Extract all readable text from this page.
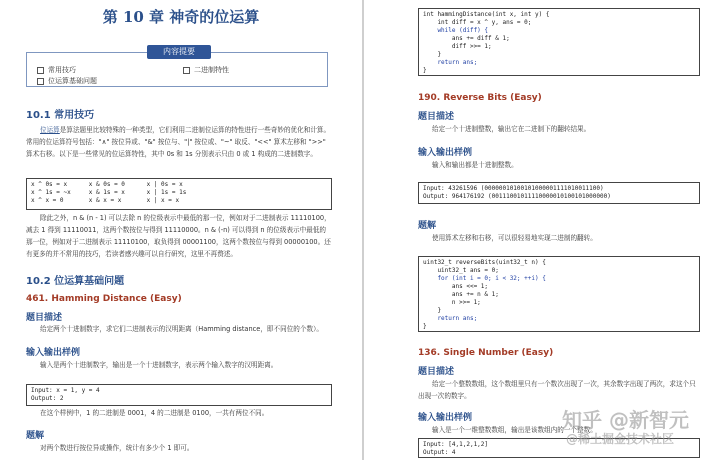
第 10 章 神奇的位运算
内容提要
常用技巧	二进制特性
位运算基础问题
10.1 常用技巧
位运算是算法题里比较特殊的一种类型，它们利用二进制位运算的特性进行一些奇妙的优化和计算。常用的位运算符号包括："∧" 按位异或、"&" 按位与、"|" 按位或、"~" 取反、"<<" 算术左移和 ">>" 算术右移。以下是一些常见的位运算特性，其中 0s 和 1s 分别表示只由 0 或 1 构成的二进制数字。
x ^ 0s = x      x & 0s = 0      x | 0s = x
x ^ 1s = ~x     x & 1s = x      x | 1s = 1s
x ^ x = 0       x & x = x       x | x = x
除此之外，n & (n - 1) 可以去除 n 的位级表示中最低的那一位，例如对于二进制表示 11110100，减去 1 得到 11110011，这两个数按位与得到 11110000。n & (-n) 可以得到 n 的位级表示中最低的那一位，例如对于二进制表示 11110100，取负得到 00001100，这两个数按位与得到 00000100。还有更多的并不常用的技巧，若读者感兴趣可以自行研究，这里不再赘述。
10.2 位运算基础问题
461. Hamming Distance (Easy)
题目描述
给定两个十进制数字，求它们二进制表示的汉明距离（Hamming distance，即不同位的个数）。
输入输出样例
输入是两个十进制数字，输出是一个十进制数字，表示两个输入数字的汉明距离。
Input: x = 1, y = 4
Output: 2
在这个样例中，1 的二进制是 0001，4 的二进制是 0100，一共有两位不同。
题解
对两个数进行按位异或操作，统计有多少个 1 即可。
int hammingDistance(int x, int y) {
int diff = x ^ y, ans = 0;
while (diff) {
ans += diff & 1;
diff >>= 1;
}
return ans;
}
190. Reverse Bits (Easy)
题目描述
给定一个十进制整数，输出它在二进制下的翻转结果。
输入输出样例
输入和输出都是十进制整数。
Input: 43261596 (00000010100101000001111010011100)
Output: 964176192 (00111001011110000010100101000000)
题解
使用算术左移和右移，可以很轻易地实现二进制的翻转。
uint32_t reverseBits(uint32_t n) {
uint32_t ans = 0;
for (int i = 0; i < 32; ++i) {
ans <<= 1;
ans += n & 1;
n >>= 1;
}
return ans;
}
136. Single Number (Easy)
题目描述
给定一个整数数组，这个数组里只有一个数次出现了一次，其余数字出现了两次，求这个只出现一次的数字。
输入输出样例
输入是一个一维整数数组，输出是该数组内的一个整数。
Input: [4,1,2,1,2]
Output: 4
知乎 @新智元
@稀土掘金技术社区
